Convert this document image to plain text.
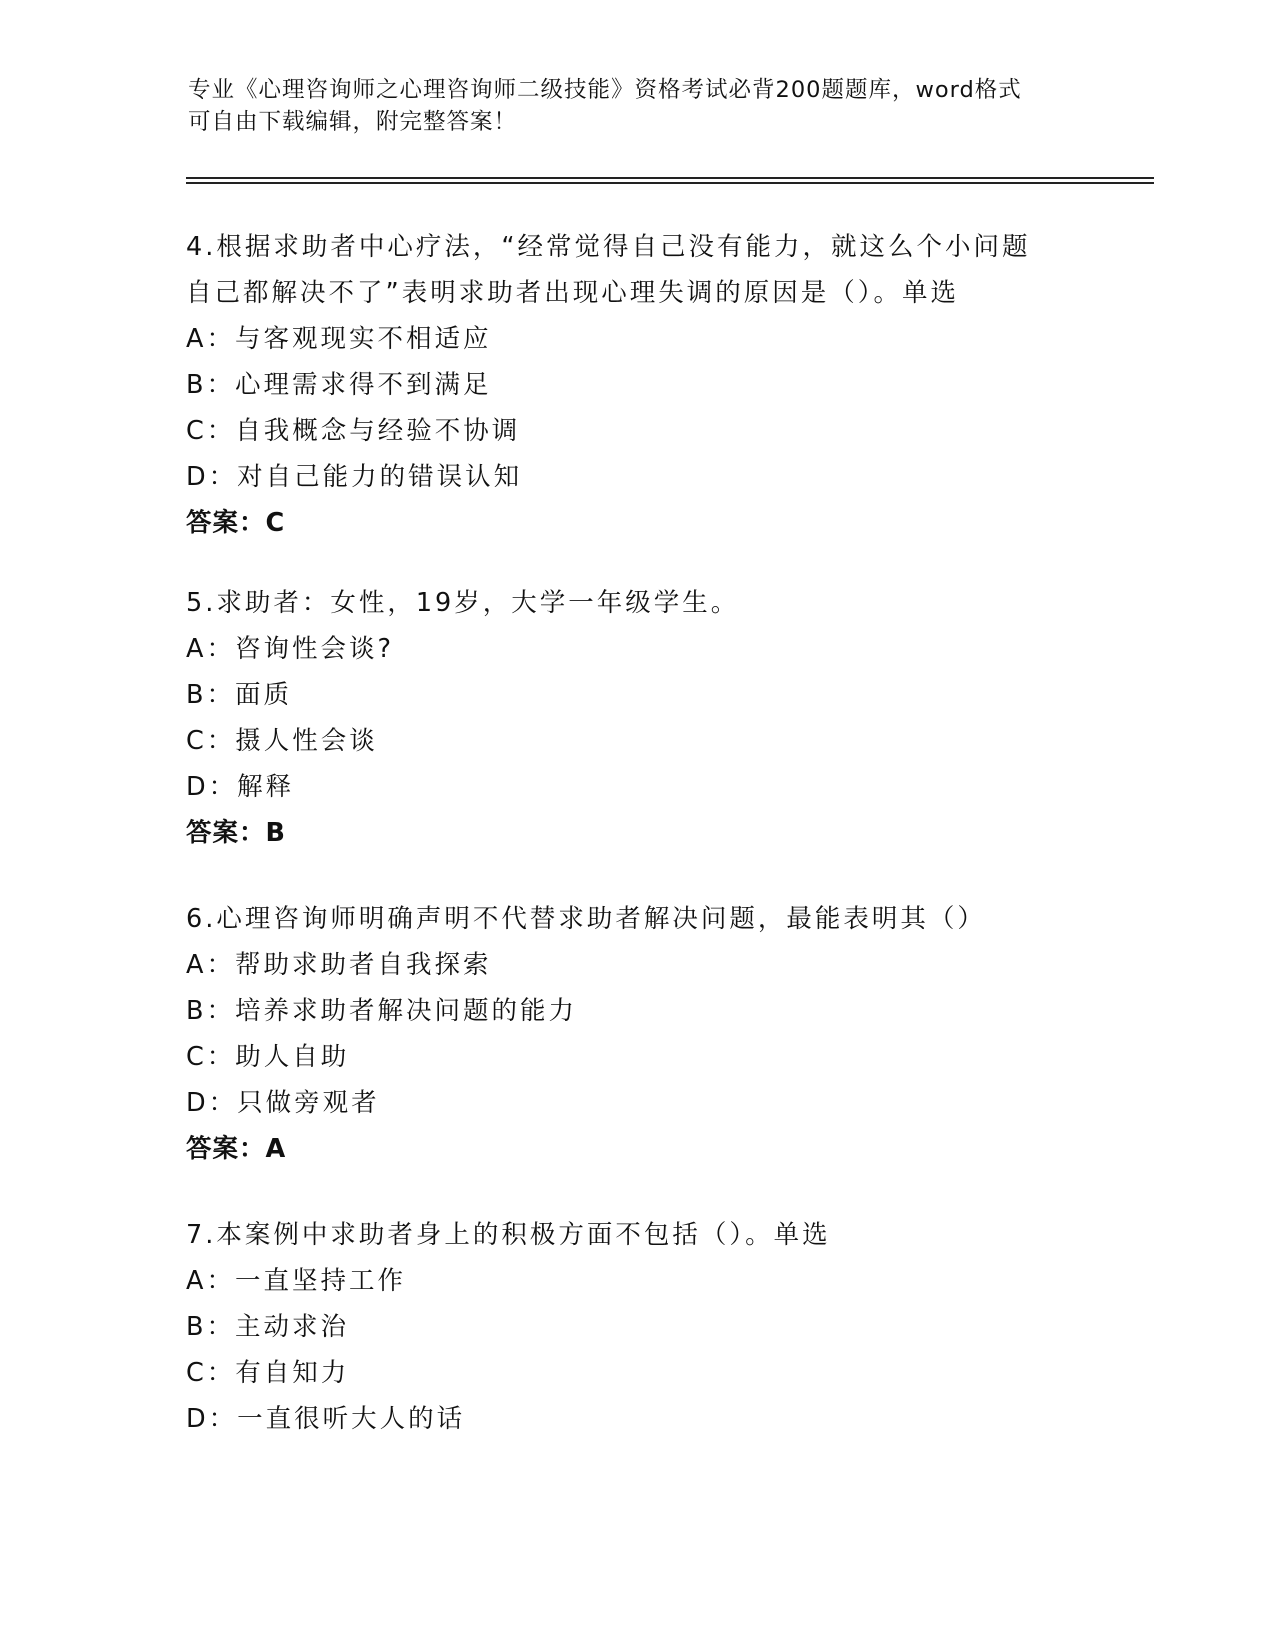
专业《心理咨询师之心理咨询师二级技能》资格考试必背200题题库，word格式
可自由下载编辑，附完整答案！
4.根据求助者中心疗法，“经常觉得自己没有能力，就这么个小问题
自己都解决不了”表明求助者出现心理失调的原因是（）。单选
A：与客观现实不相适应
B：心理需求得不到满足
C：自我概念与经验不协调
D：对自己能力的错误认知
答案：C
5.求助者：女性，19岁，大学一年级学生。
A：咨询性会谈?
B：面质
C：摄人性会谈
D：解释
答案：B
6.心理咨询师明确声明不代替求助者解决问题，最能表明其（）
A：帮助求助者自我探索
B：培养求助者解决问题的能力
C：助人自助
D：只做旁观者
答案：A
7.本案例中求助者身上的积极方面不包括（）。单选
A：一直坚持工作
B：主动求治
C：有自知力
D：一直很听大人的话
